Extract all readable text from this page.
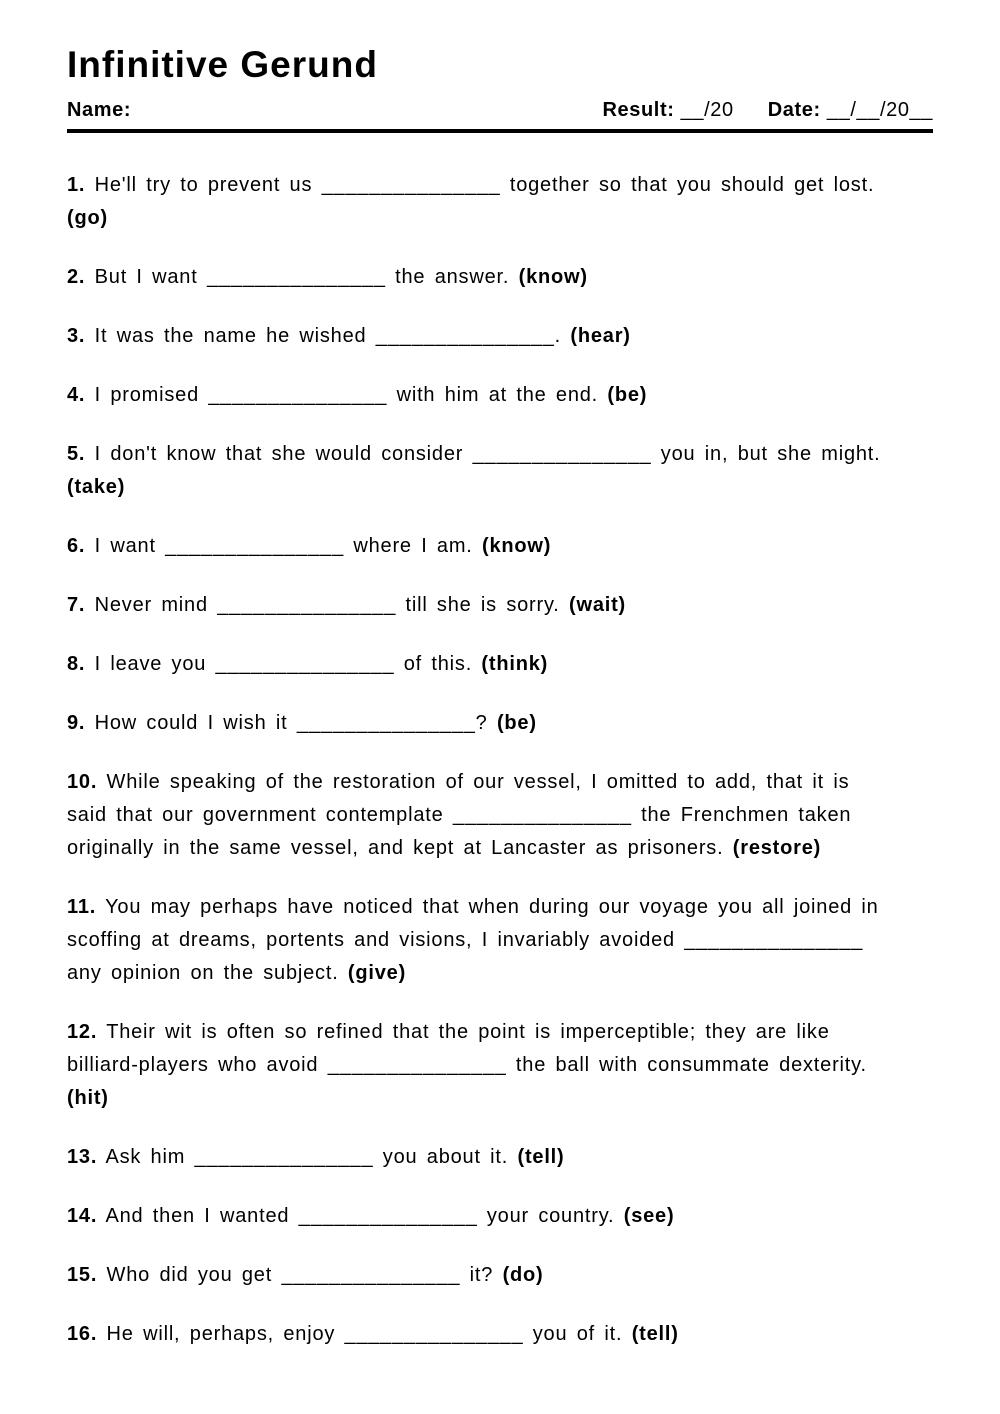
Infinitive Gerund
Name:	Result: __/20 Date: __/__/20__

1. He'll try to prevent us _______________ together so that you should get lost. (go)

2. But I want _______________ the answer. (know)

3. It was the name he wished _______________. (hear)

4. I promised _______________ with him at the end. (be)

5. I don't know that she would consider _______________ you in, but she might. (take)

6. I want _______________ where I am. (know)

7. Never mind _______________ till she is sorry. (wait)

8. I leave you _______________ of this. (think)

9. How could I wish it _______________? (be)

10. While speaking of the restoration of our vessel, I omitted to add, that it is said that our government contemplate _______________ the Frenchmen taken originally in the same vessel, and kept at Lancaster as prisoners. (restore)

11. You may perhaps have noticed that when during our voyage you all joined in scoffing at dreams, portents and visions, I invariably avoided _______________ any opinion on the subject. (give)

12. Their wit is often so refined that the point is imperceptible; they are like billiard-players who avoid _______________ the ball with consummate dexterity. (hit)

13. Ask him _______________ you about it. (tell)

14. And then I wanted _______________ your country. (see)

15. Who did you get _______________ it? (do)

16. He will, perhaps, enjoy _______________ you of it. (tell)
